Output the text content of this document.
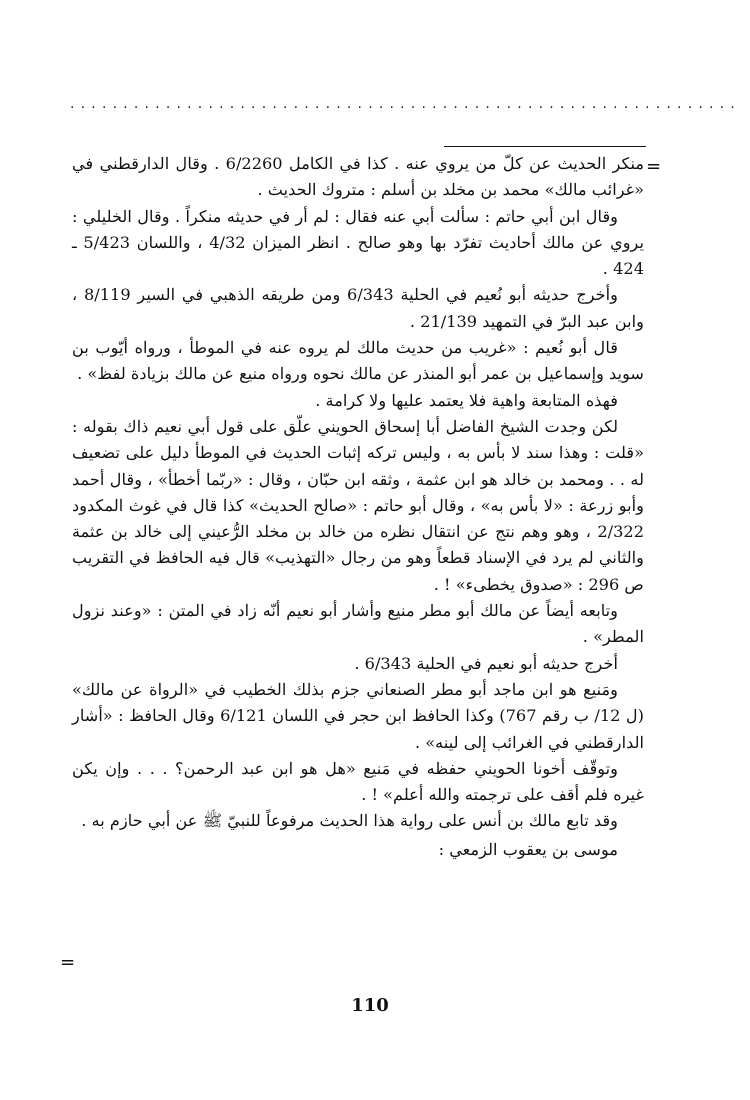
...............................................................
=

منكر الحديث عن كلّ من يروي عنه . كذا في الكامل 6/2260 . وقال الدارقطني في «غرائب مالك» محمد بن مخلد بن أسلم : متروك الحديث .

وقال ابن أبي حاتم : سألت أبي عنه فقال : لم أر في حديثه منكراً . وقال الخليلي : يروي عن مالك أحاديث تفرّد بها وهو صالح . انظر الميزان 4/32 ، واللسان 5/423 ـ 424 .

وأخرج حديثه أبو نُعيم في الحلية 6/343 ومن طريقه الذهبي في السير 8/119 ، وابن عبد البرّ في التمهيد 21/139 .

قال أبو نُعيم : «غريب من حديث مالك لم يروه عنه في الموطأ ، ورواه أيّوب بن سويد وإسماعيل بن عمر أبو المنذر عن مالك نحوه ورواه منيع عن مالك بزيادة لفظ» .

فهذه المتابعة واهية فلا يعتمد عليها ولا كرامة .

لكن وجدت الشيخ الفاضل أبا إسحاق الحويني علّق على قول أبي نعيم ذاك بقوله : «قلت : وهذا سند لا بأس به ، وليس تركه إثبات الحديث في الموطأ دليل على تضعيف له . . ومحمد بن خالد هو ابن عثمة ، وثقه ابن حبّان ، وقال : «ربّما أخطأ» ، وقال أحمد وأبو زرعة : «لا بأس به» ، وقال أبو حاتم : «صالح الحديث» كذا قال في غوث المكدود 2/322 ، وهو وهم نتج عن انتقال نظره من خالد بن مخلد الرُّعيني إلى خالد بن عثمة والثاني لم يرد في الإسناد قطعاً وهو من رجال «التهذيب» قال فيه الحافظ في التقريب ص 296 : «صدوق يخطىء» ! .

وتابعه أيضاً عن مالك أبو مطر منيع وأشار أبو نعيم أنّه زاد في المتن : «وعند نزول المطر» .

أخرج حديثه أبو نعيم في الحلية 6/343 .

ومَنيع هو ابن ماجد أبو مطر الصنعاني جزم بذلك الخطيب في «الرواة عن مالك» (ل 12/ ب رقم 767) وكذا الحافظ ابن حجر في اللسان 6/121 وقال الحافظ : «أشار الدارقطني في الغرائب إلى لينه» .

وتوقّف أخونا الحويني حفظه في مَنيع «هل هو ابن عبد الرحمن؟ . . . وإن يكن غيره فلم أقف على ترجمته والله أعلم» ! .

وقد تابع مالك بن أنس على رواية هذا الحديث مرفوعاً للنبيّ ﷺ عن أبي حازم به .

موسى بن يعقوب الزمعي :

=
110
